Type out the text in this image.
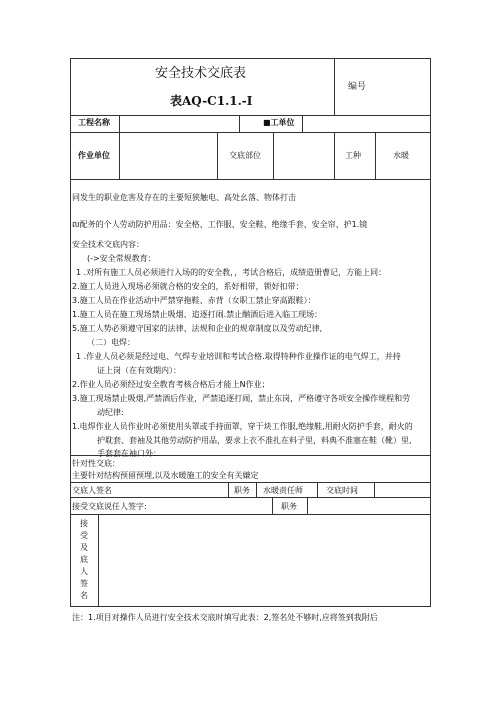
安全技术交底表
表AQ-C1.1.-I
编号
工程名称	■工单位
作业单位	交底部位	工种	水暖
同发生的职业危害及存在的主要短狭触电、高处幺落、物体打击
ល配务的个人劳动防护用品：安全格、工作服、安全鞋、绝缘手套、安全帘、护1.镜
安全技术交底内容：
(->安全常规教育：
1 .对所有施工人员必须进行入场的的安全教，，考试合格后，成绩造册曹记，方能上同：
2.施工人员进入现场必须就合格的安全的，系好相带，锁好扣带：
3.施工人员在作业活动中严禁穿拖鞋、赤背（女职工禁止穿高跟鞋）：
1.施工人员在施工现场禁止吸烟、追逐打闹.禁止酗酒后进入临工现场：
5.施工人势必须遵守国家的法律、法规和企业的规章制度以及劳动纪律,
（二）电焊：
1 .作业人员必须是经过电、气焊专业培训和考试合格.取得特种作业操作证的电气焊工，并持
证上岗（在有效期内）：
2.作业人员必须经过安全教育考核合格后才能上N作业；
3.施工现场禁止吸烟,严禁酒后作业，严禁追逐打闹，禁止东岗，严格遵守各项安全操作规程和劳
动纪律:
1.电焊作业人员作业时必须使用头罩或手持面罩，穿干块工作服,绝缘鞋,用耐火防护手套，耐火的
护耽套、套袖及其他劳动防护用品，要求上衣不准扎在料子里，料典不准塞在鞋（靴）里,
手套套在袖口外：
针对性交底：
主要针对结构预留预埋,以及水暖施工的安全有关嫌定
交底人签名	职务 水暖责任师	交底时间
接受交底说任人签字:	职务
接受及底人签名
注：1.项目对操作人员进行安全技术交底时填写此表：2,签名处不够时,应将签到我附后
